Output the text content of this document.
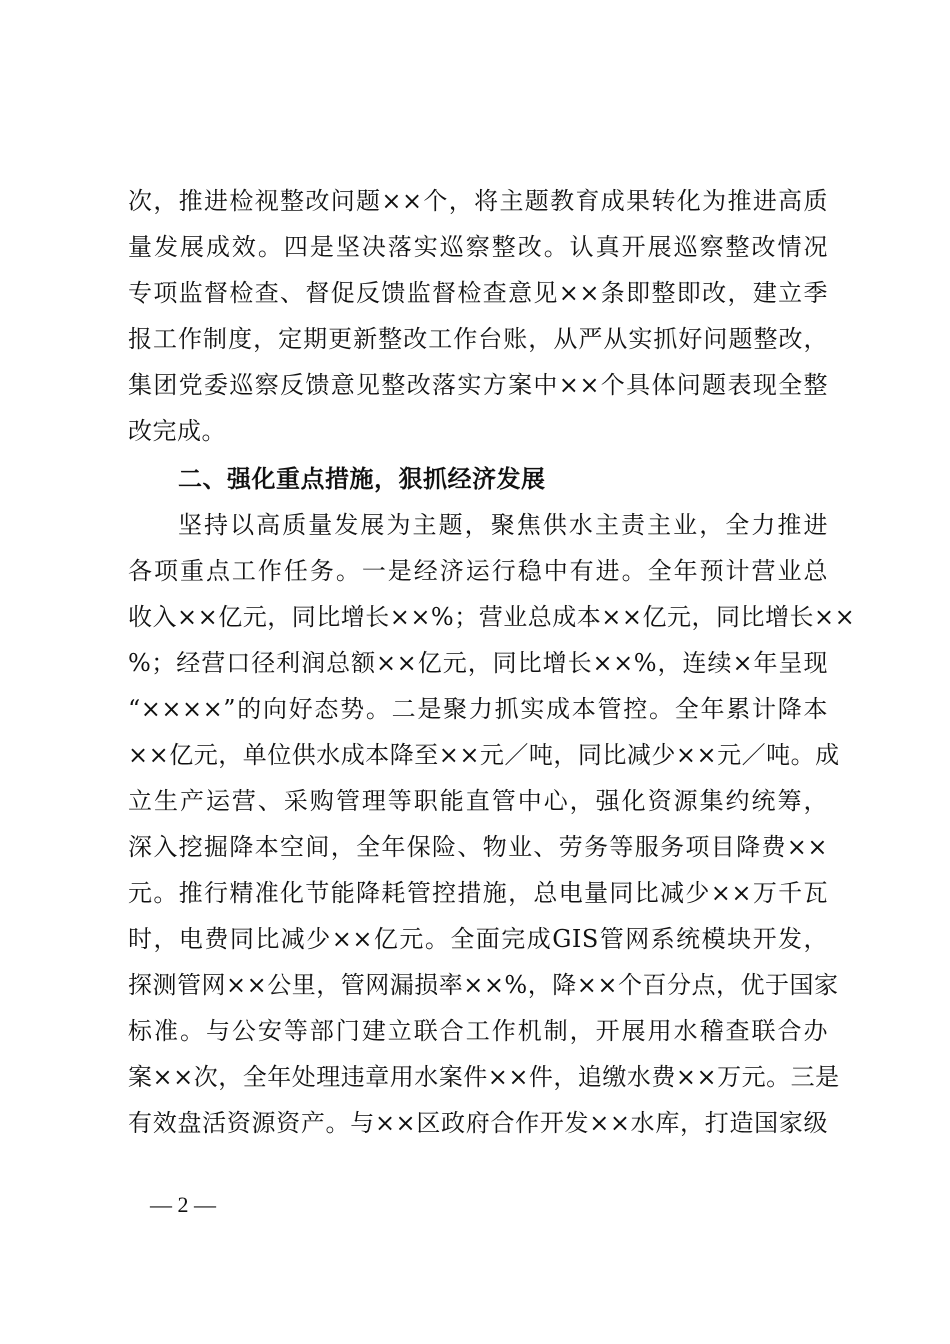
次，推进检视整改问题××个，将主题教育成果转化为推进高质
量发展成效。四是坚决落实巡察整改。认真开展巡察整改情况
专项监督检查、督促反馈监督检查意见××条即整即改，建立季
报工作制度，定期更新整改工作台账，从严从实抓好问题整改，
集团党委巡察反馈意见整改落实方案中××个具体问题表现全整
改完成。
二、强化重点措施，狠抓经济发展
坚持以高质量发展为主题，聚焦供水主责主业，全力推进
各项重点工作任务。一是经济运行稳中有进。全年预计营业总
收入××亿元，同比增长××%；营业总成本××亿元，同比增长××
%；经营口径利润总额××亿元，同比增长××%，连续×年呈现
“××××”的向好态势。二是聚力抓实成本管控。全年累计降本
××亿元，单位供水成本降至××元／吨，同比减少××元／吨。成
立生产运营、采购管理等职能直管中心，强化资源集约统筹，
深入挖掘降本空间，全年保险、物业、劳务等服务项目降费××
元。推行精准化节能降耗管控措施，总电量同比减少××万千瓦
时，电费同比减少××亿元。全面完成GIS管网系统模块开发，
探测管网××公里，管网漏损率××%，降××个百分点，优于国家
标准。与公安等部门建立联合工作机制，开展用水稽查联合办
案××次，全年处理违章用水案件××件，追缴水费××万元。三是
有效盘活资源资产。与××区政府合作开发××水库，打造国家级
— 2 —
